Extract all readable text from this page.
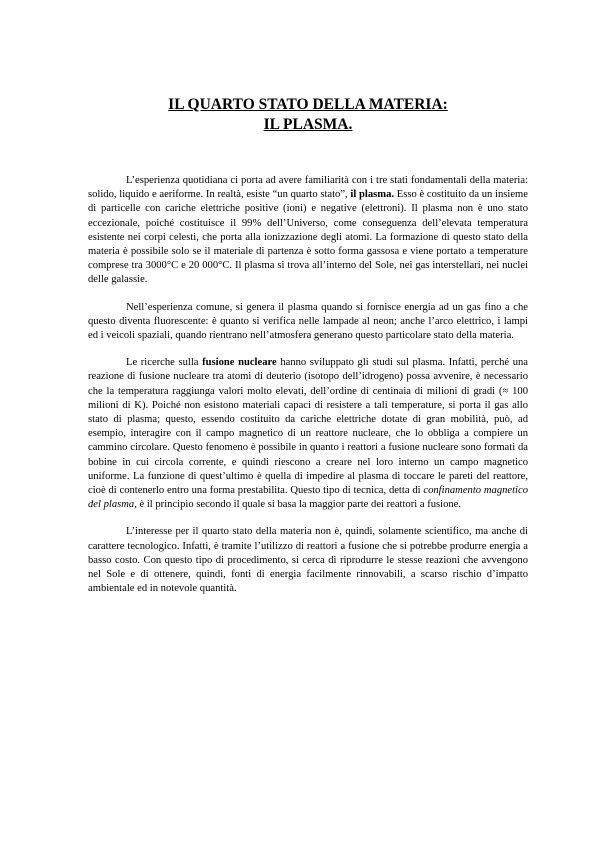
IL QUARTO STATO DELLA MATERIA:
IL PLASMA.

L’esperienza quotidiana ci porta ad avere familiarità con i tre stati fondamentali della materia: solido, liquido e aeriforme. In realtà, esiste “un quarto stato”, il plasma. Esso è costituito da un insieme di particelle con cariche elettriche positive (ioni) e negative (elettroni). Il plasma non è uno stato eccezionale, poiché costituisce il 99% dell’Universo, come conseguenza dell’elevata temperatura esistente nei corpi celesti, che porta alla ionizzazione degli atomi. La formazione di questo stato della materia è possibile solo se il materiale di partenza è sotto forma gassosa e viene portato a temperature comprese tra 3000°C e 20 000°C. Il plasma si trova all’interno del Sole, nei gas interstellari, nei nuclei delle galassie.

Nell’esperienza comune, si genera il plasma quando si fornisce energia ad un gas fino a che questo diventa fluorescente: è quanto si verifica nelle lampade al neon; anche l’arco elettrico, i lampi ed i veicoli spaziali, quando rientrano nell’atmosfera generano questo particolare stato della materia.

Le ricerche sulla fusione nucleare hanno sviluppato gli studi sul plasma. Infatti, perché una reazione di fusione nucleare tra atomi di deuterio (isotopo dell’idrogeno) possa avvenire, è necessario che la temperatura raggiunga valori molto elevati, dell’ordine di centinaia di milioni di gradi (≈ 100 milioni di K). Poiché non esistono materiali capaci di resistere a tali temperature, si porta il gas allo stato di plasma; questo, essendo costituito da cariche elettriche dotate di gran mobilità, può, ad esempio, interagire con il campo magnetico di un reattore nucleare, che lo obbliga a compiere un cammino circolare. Questo fenomeno è possibile in quanto i reattori a fusione nucleare sono formati da bobine in cui circola corrente, e quindi riescono a creare nel loro interno un campo magnetico uniforme. La funzione di quest’ultimo è quella di impedire al plasma di toccare le pareti del reattore, cioè di contenerlo entro una forma prestabilita. Questo tipo di tecnica, detta di confinamento magnetico del plasma, è il principio secondo il quale si basa la maggior parte dei reattori a fusione.

L’interesse per il quarto stato della materia non è, quindi, solamente scientifico, ma anche di carattere tecnologico. Infatti, è tramite l’utilizzo di reattori a fusione che si potrebbe produrre energia a basso costo. Con questo tipo di procedimento, si cerca di riprodurre le stesse reazioni che avvengono nel Sole e di ottenere, quindi, fonti di energia facilmente rinnovabili, a scarso rischio d’impatto ambientale ed in notevole quantità.
